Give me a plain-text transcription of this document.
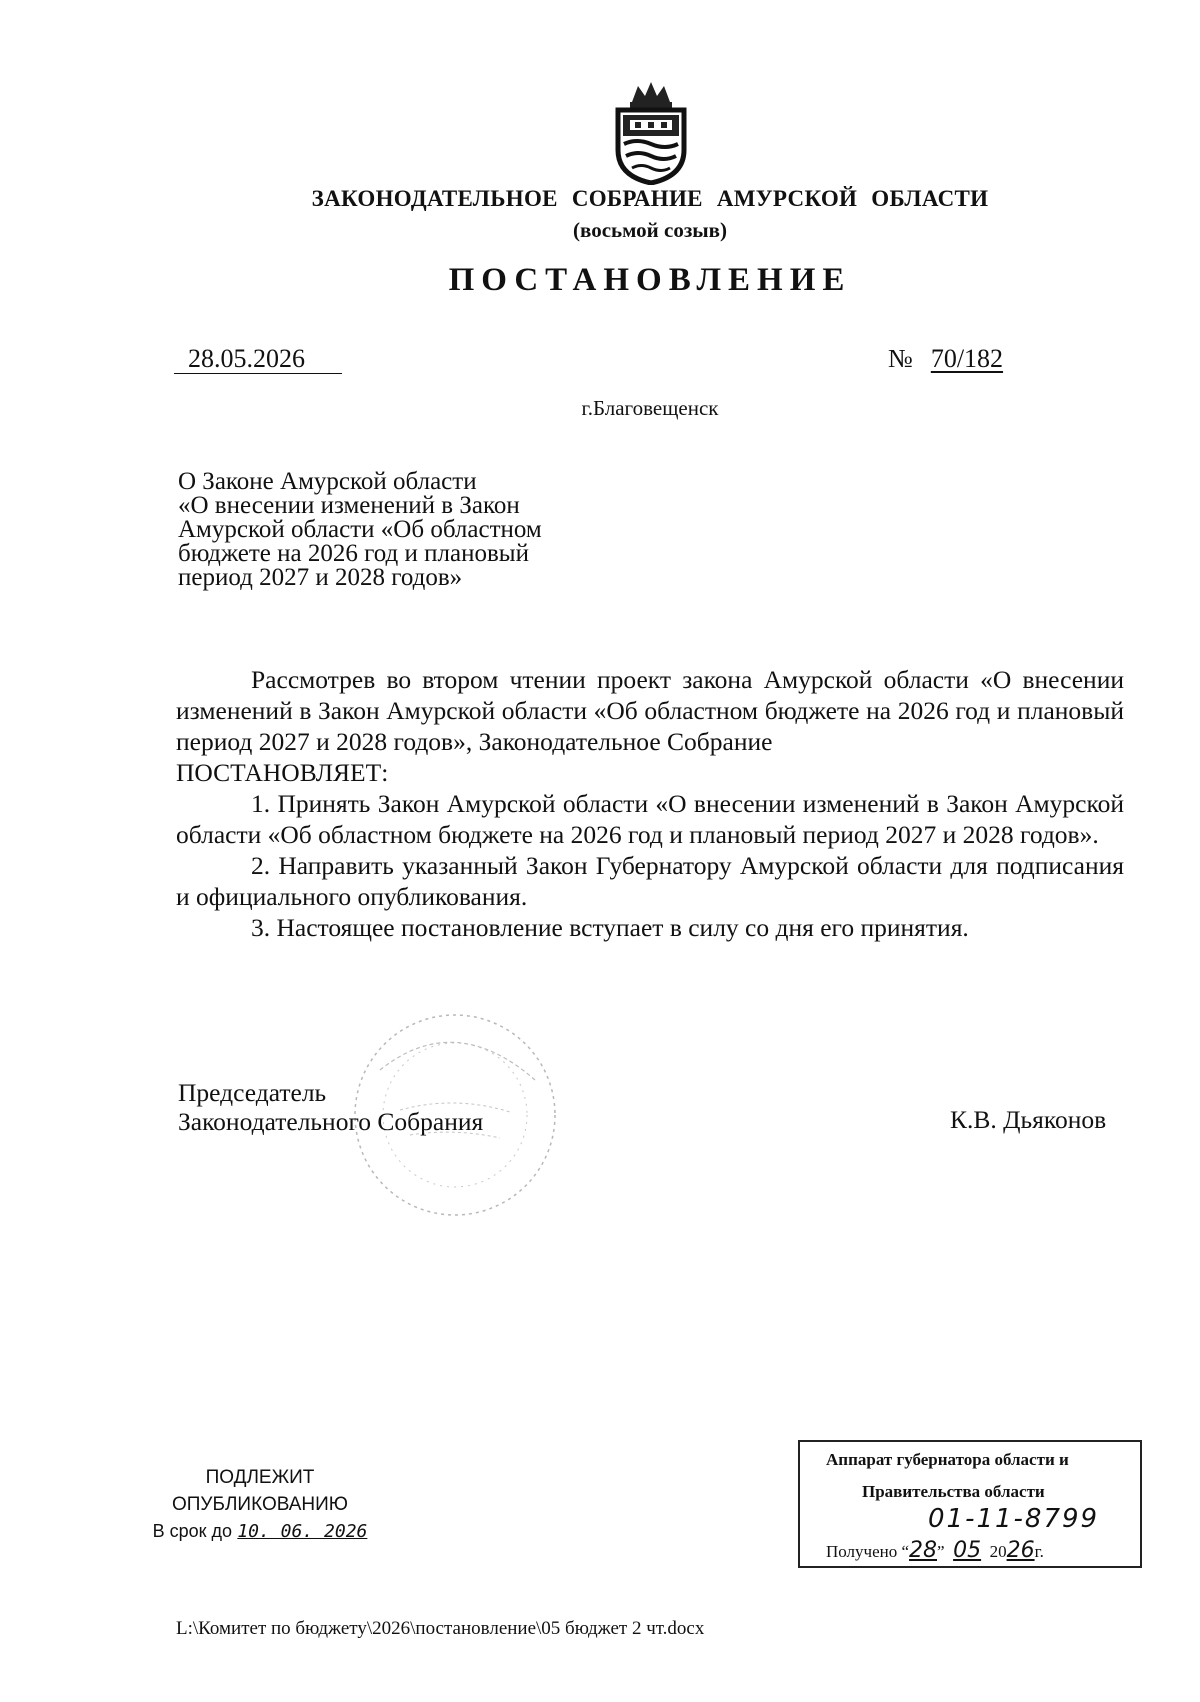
ЗАКОНОДАТЕЛЬНОЕ СОБРАНИЕ АМУРСКОЙ ОБЛАСТИ
(восьмой созыв)
ПОСТАНОВЛЕНИЕ
28.05.2026	№ 70/182
г.Благовещенск
О Законе Амурской области
«О внесении изменений в Закон
Амурской области «Об областном
бюджете на 2026 год и плановый
период 2027 и 2028 годов»

Рассмотрев во втором чтении проект закона Амурской области «О внесении изменений в Закон Амурской области «Об областном бюджете на 2026 год и плановый период 2027 и 2028 годов», Законодательное Собрание

ПОСТАНОВЛЯЕТ:

1. Принять Закон Амурской области «О внесении изменений в Закон Амурской области «Об областном бюджете на 2026 год и плановый период 2027 и 2028 годов».

2. Направить указанный Закон Губернатору Амурской области для подписания и официального опубликования.

3. Настоящее постановление вступает в силу со дня его принятия.

Председатель
Законодательного Собрания	К.В. Дьяконов
ПОДЛЕЖИТ
ОПУБЛИКОВАНИЮ
В срок до 10. 06. 2026
Аппарат губернатора области и
Правительства области
01-11-8799
Получено “28” 05 2026г.
L:\Комитет по бюджету\2026\постановление\05 бюджет 2 чт.docx
